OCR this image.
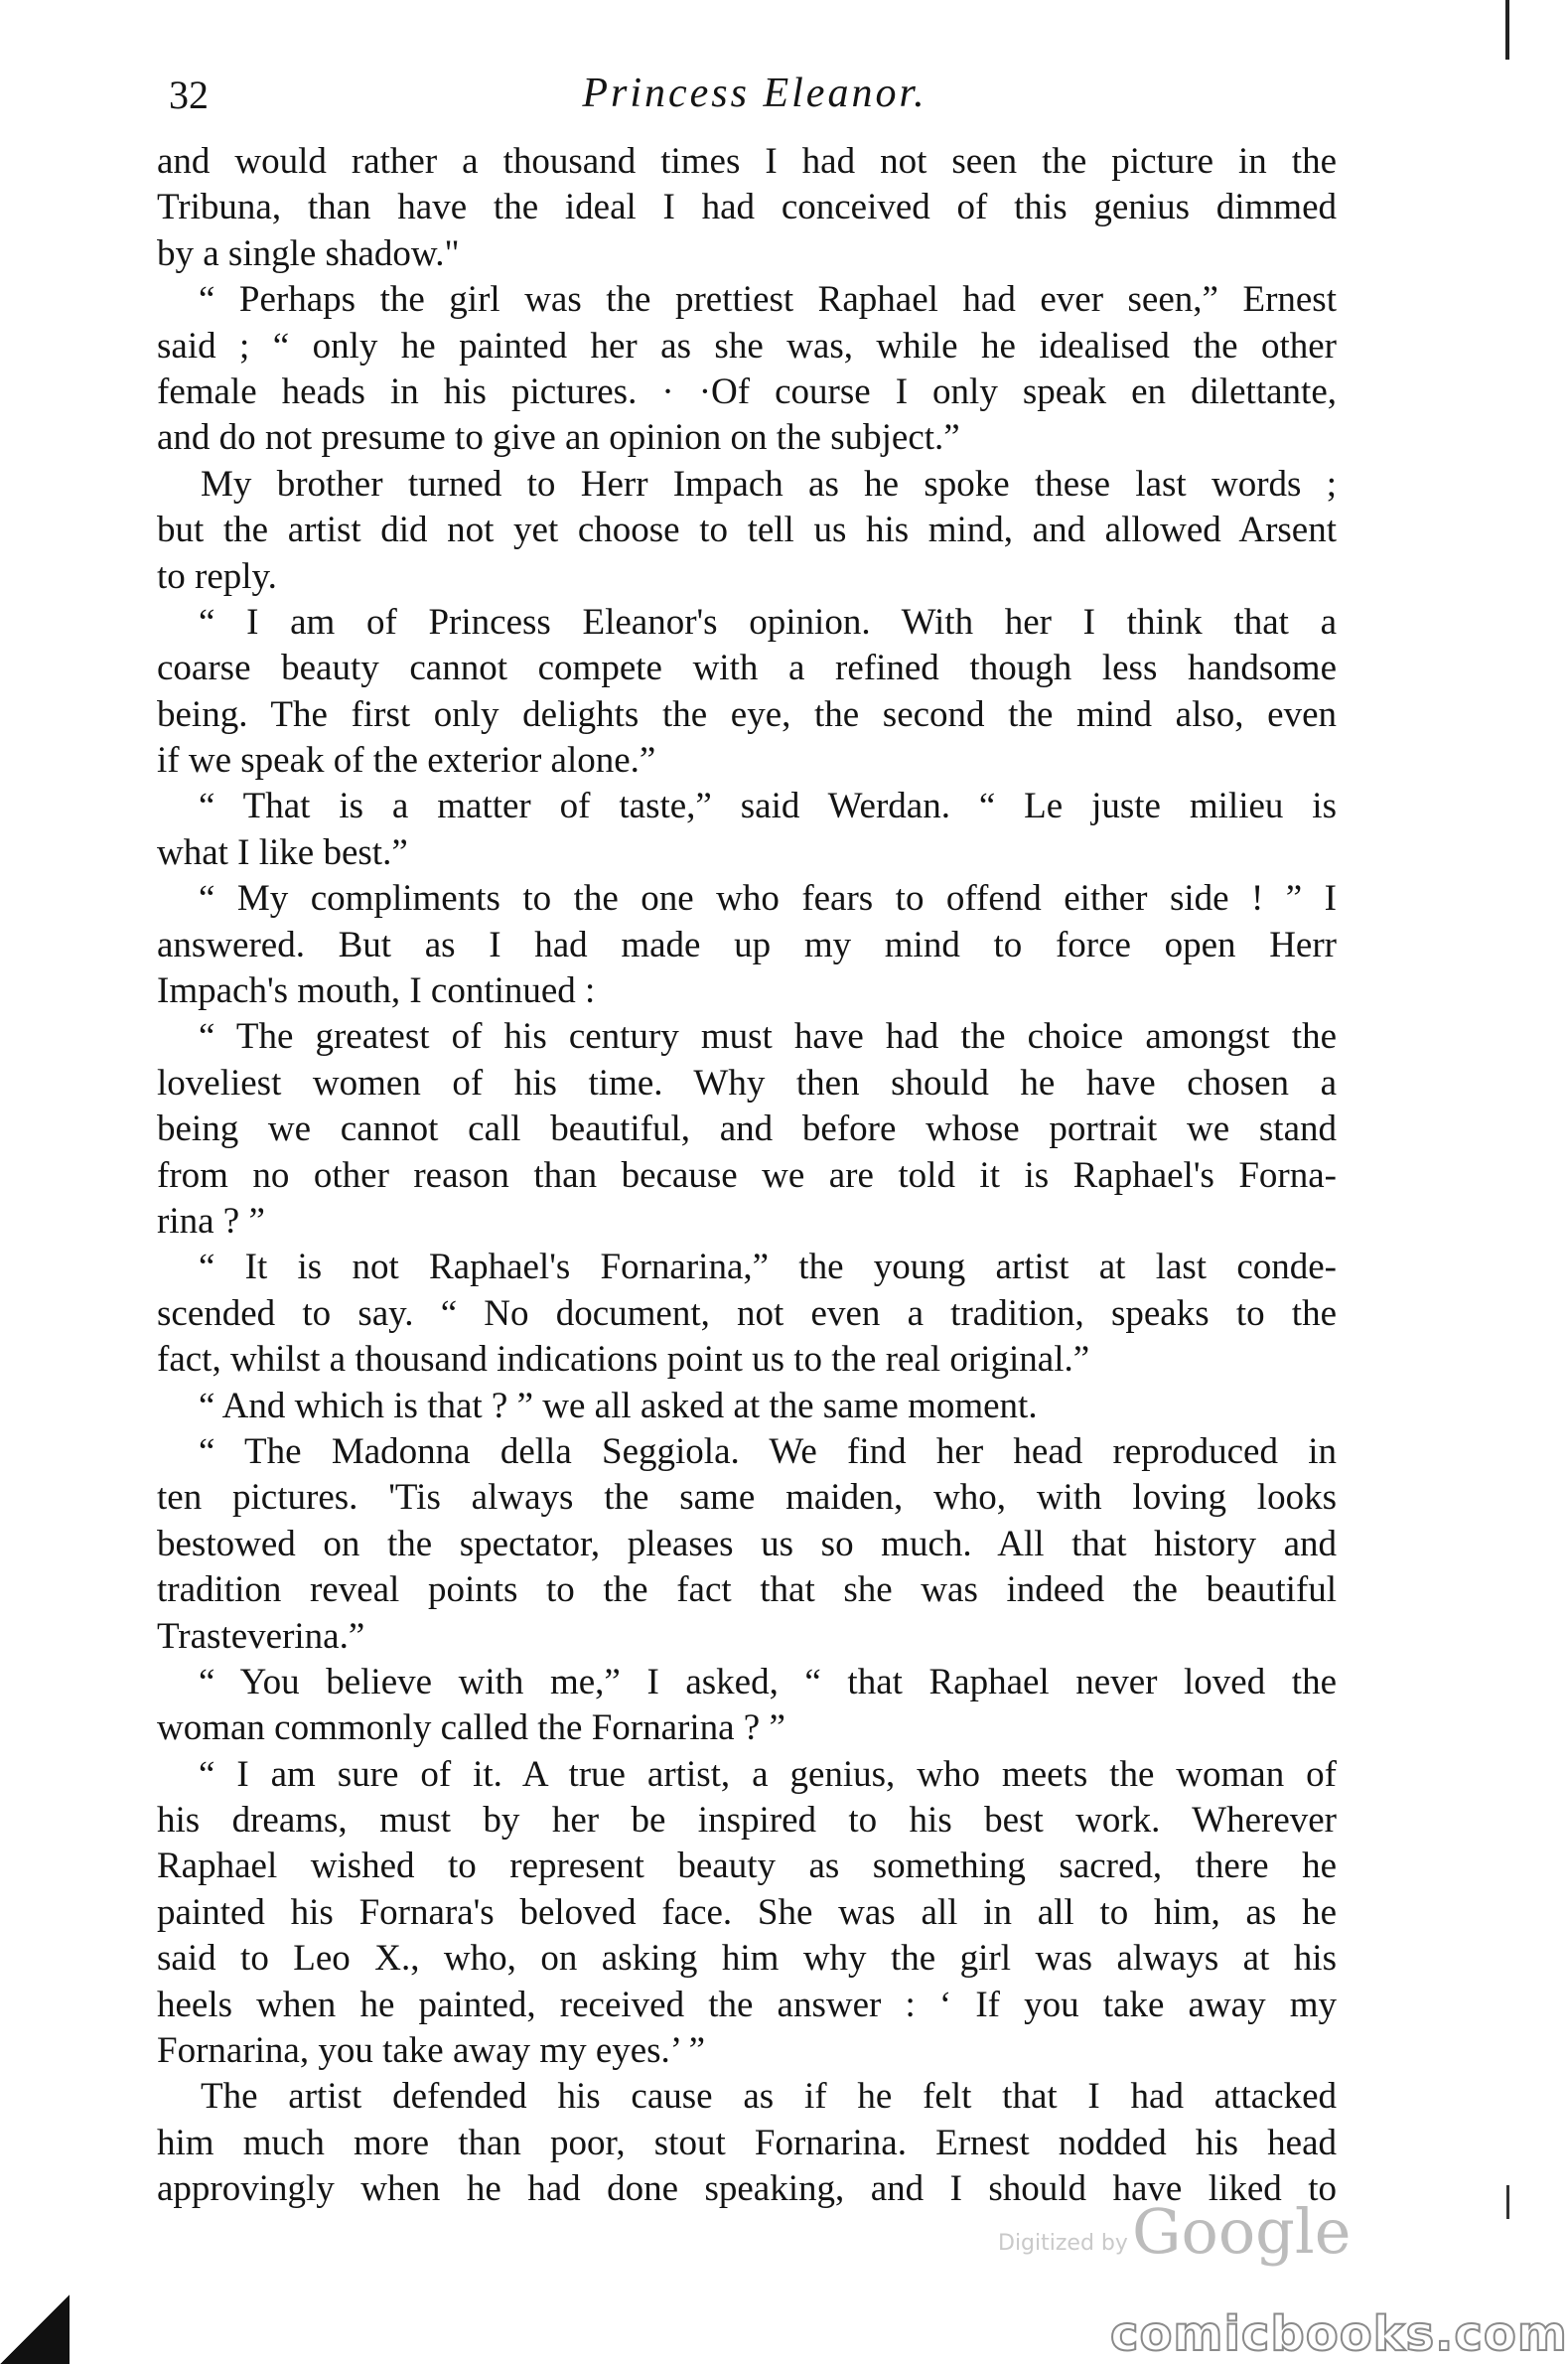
32	Princess Eleanor.
and would rather a thousand times I had not seen the picture in the
Tribuna, than have the ideal I had conceived of this genius dimmed
by a single shadow."
“ Perhaps the girl was the prettiest Raphael had ever seen,” Ernest
said ; “ only he painted her as she was, while he idealised the other
female heads in his pictures. · ·Of course I only speak en dilettante,
and do not presume to give an opinion on the subject.”
My brother turned to Herr Impach as he spoke these last words ;
but the artist did not yet choose to tell us his mind, and allowed Arsent
to reply.
“ I am of Princess Eleanor's opinion. With her I think that a
coarse beauty cannot compete with a refined though less handsome
being. The first only delights the eye, the second the mind also, even
if we speak of the exterior alone.”
“ That is a matter of taste,” said Werdan. “ Le juste milieu is
what I like best.”
“ My compliments to the one who fears to offend either side ! ” I
answered. But as I had made up my mind to force open Herr
Impach's mouth, I continued :
“ The greatest of his century must have had the choice amongst the
loveliest women of his time. Why then should he have chosen a
being we cannot call beautiful, and before whose portrait we stand
from no other reason than because we are told it is Raphael's Forna-
rina ? ”
“ It is not Raphael's Fornarina,” the young artist at last conde-
scended to say. “ No document, not even a tradition, speaks to the
fact, whilst a thousand indications point us to the real original.”
“ And which is that ? ” we all asked at the same moment.
“ The Madonna della Seggiola. We find her head reproduced in
ten pictures. 'Tis always the same maiden, who, with loving looks
bestowed on the spectator, pleases us so much. All that history and
tradition reveal points to the fact that she was indeed the beautiful
Trasteverina.”
“ You believe with me,” I asked, “ that Raphael never loved the
woman commonly called the Fornarina ? ”
“ I am sure of it. A true artist, a genius, who meets the woman of
his dreams, must by her be inspired to his best work. Wherever
Raphael wished to represent beauty as something sacred, there he
painted his Fornara's beloved face. She was all in all to him, as he
said to Leo X., who, on asking him why the girl was always at his
heels when he painted, received the answer : ‘ If you take away my
Fornarina, you take away my eyes.’ ”
The artist defended his cause as if he felt that I had attacked
him much more than poor, stout Fornarina. Ernest nodded his head
approvingly when he had done speaking, and I should have liked to
Digitized by Google
comicbooks.com
